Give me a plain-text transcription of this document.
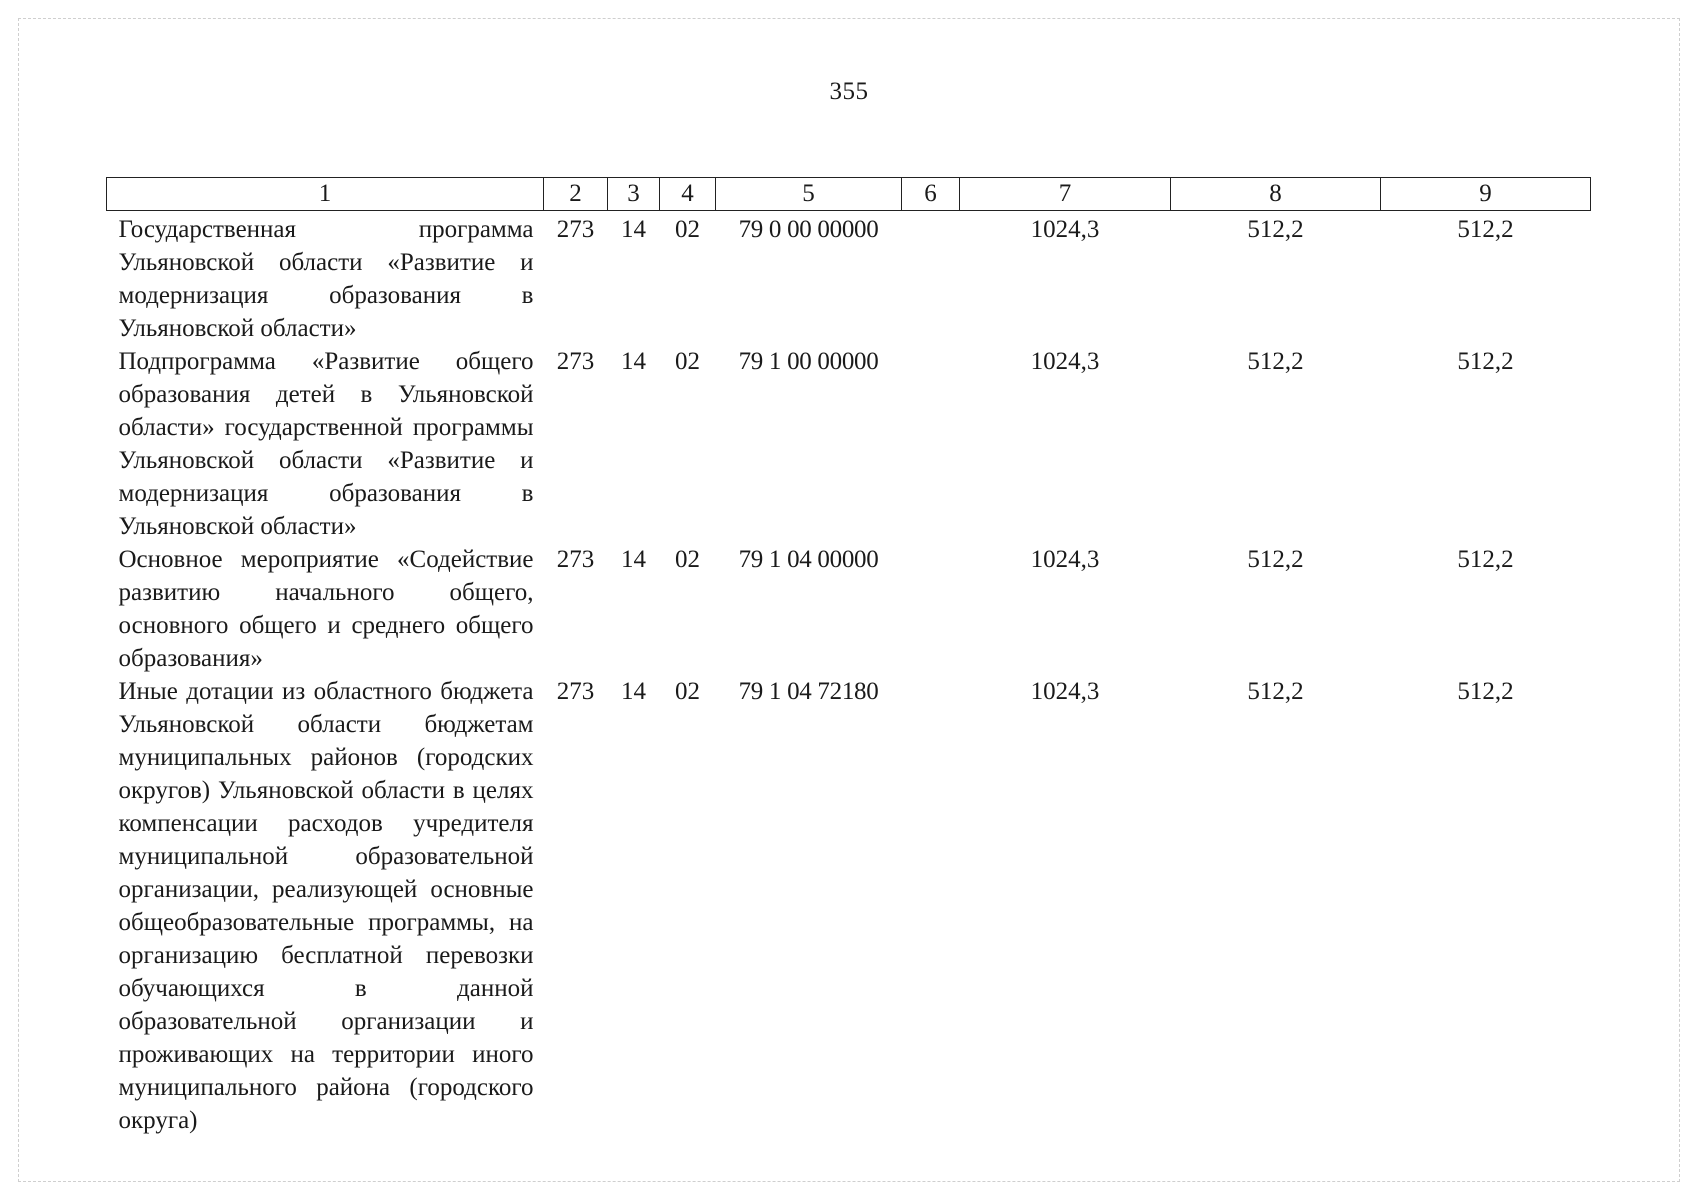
355
1	2	3	4	5	6	7	8	9
Государственная программа Ульяновской области «Развитие и модернизация образования в Ульяновской области»	273	14	02	79 0 00 00000		1024,3	512,2	512,2
Подпрограмма «Развитие общего образования детей в Ульяновской области» государственной программы Ульяновской области «Развитие и модернизация образования в Ульяновской области»	273	14	02	79 1 00 00000		1024,3	512,2	512,2
Основное мероприятие «Содействие развитию начального общего, основного общего и среднего общего образования»	273	14	02	79 1 04 00000		1024,3	512,2	512,2
Иные дотации из областного бюджета Ульяновской области бюджетам муниципальных районов (городских округов) Ульяновской области в целях компенсации расходов учредителя муниципальной образовательной организации, реализующей основные общеобразовательные программы, на организацию бесплатной перевозки обучающихся в данной образовательной организации и проживающих на территории иного муниципального района (городского округа)	273	14	02	79 1 04 72180		1024,3	512,2	512,2
